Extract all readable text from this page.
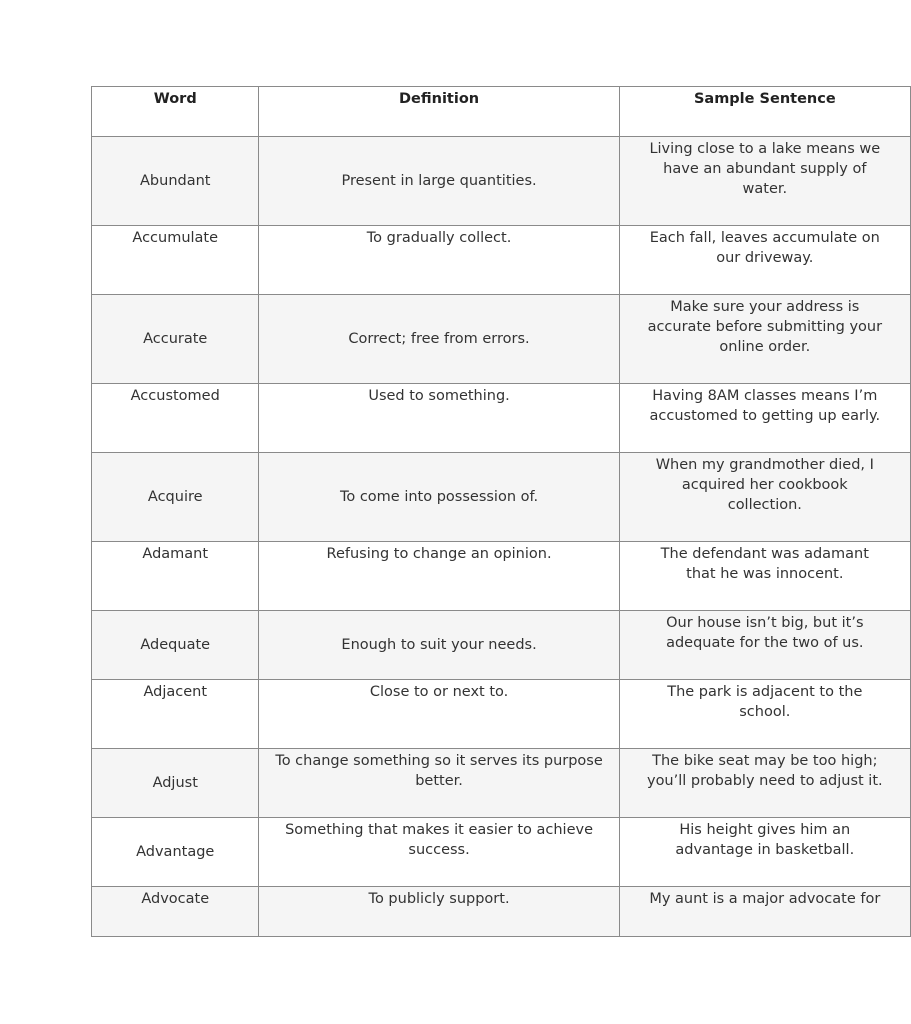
Word	Definition	Sample Sentence
Abundant	Present in large quantities.	Living close to a lake means we have an abundant supply of water.
Accumulate	To gradually collect.	Each fall, leaves accumulate on our driveway.
Accurate	Correct; free from errors.	Make sure your address is accurate before submitting your online order.
Accustomed	Used to something.	Having 8AM classes means I’m accustomed to getting up early.
Acquire	To come into possession of.	When my grandmother died, I acquired her cookbook collection.
Adamant	Refusing to change an opinion.	The defendant was adamant that he was innocent.
Adequate	Enough to suit your needs.	Our house isn’t big, but it’s adequate for the two of us.
Adjacent	Close to or next to.	The park is adjacent to the school.
Adjust	To change something so it serves its purpose better.	The bike seat may be too high; you’ll probably need to adjust it.
Advantage	Something that makes it easier to achieve success.	His height gives him an advantage in basketball.
Advocate	To publicly support.	My aunt is a major advocate for
